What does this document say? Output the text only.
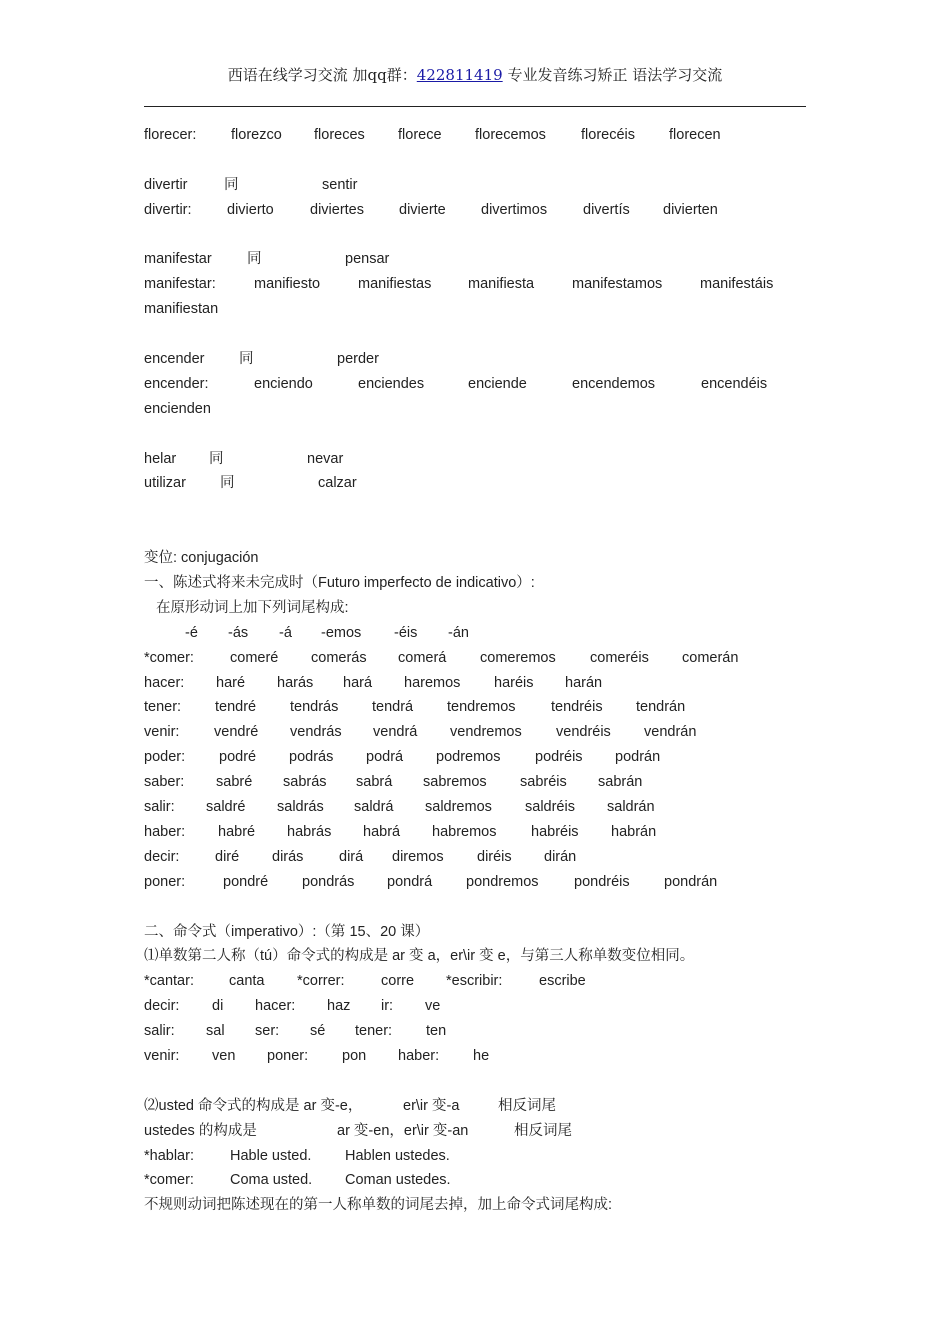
西语在线学习交流 加qq群：422811419 专业发音练习矫正 语法学习交流
florecer: florezco floreces florece florecemos florecéis florecen
divertir	同	sentir
divertir: divierto	diviertes divierte divertimos divertís divierten
manifestar 同	pensar
manifestar:	manifiesto	manifiestas	manifiesta	manifestamos	manifestáis
manifiestan
encender 同	perder
encender:	enciendo	enciendes	enciende	encendemos	encendéis
encienden
helar 同	nevar
utilizar 同	calzar
变位: conjugación
一、陈述式将来未完成时（Futuro imperfecto de indicativo）:
在原形动词上加下列词尾构成:
-é -ás -á -emos -éis -án
*comer: comeré comerás comerá comeremos comeréis comerán
hacer: haré harás hará haremos haréis harán
tener: tendré tendrás tendrá tendremos tendréis tendrán
venir: vendré vendrás vendrá vendremos vendréis vendrán
poder: podré podrás podrá podremos podréis podrán
saber: sabré sabrás sabrá sabremos sabréis sabrán
salir: saldré saldrás saldrá saldremos saldréis saldrán
haber: habré habrás habrá habremos habréis habrán
decir: diré dirás dirá diremos diréis dirán
poner:	pondré pondrás pondrá pondremos pondréis pondrán
二、命令式（imperativo）:（第 15、20 课）
⑴单数第二人称（tú）命令式的构成是 ar 变 a，er\ir 变 e，与第三人称单数变位相同。
*cantar: canta *correr:	corre *escribir:	escribe
decir: di hacer: haz ir: ve
salir: sal ser: sé tener: ten
venir: ven poner: pon haber: he
⑵usted 命令式的构成是 ar 变-e，	er\ir 变-a	相反词尾
ustedes 的构成是	ar 变-en，er\ir 变-an	相反词尾
*hablar: Hable usted. Hablen ustedes.
*comer: Coma usted. Coman ustedes.
不规则动词把陈述现在的第一人称单数的词尾去掉，加上命令式词尾构成:
